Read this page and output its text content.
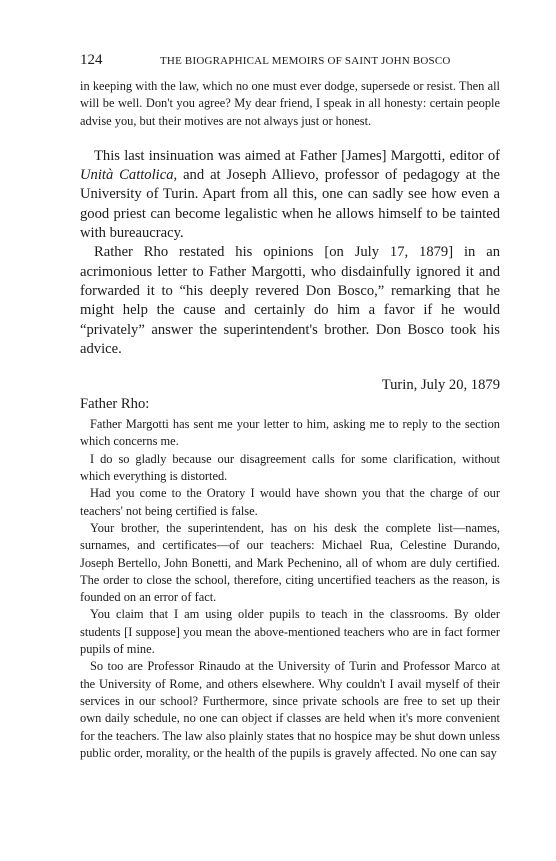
124	THE BIOGRAPHICAL MEMOIRS OF SAINT JOHN BOSCO

in keeping with the law, which no one must ever dodge, supersede or resist. Then all will be well. Don't you agree? My dear friend, I speak in all honesty: certain people advise you, but their motives are not always just or honest.

This last insinuation was aimed at Father [James] Margotti, editor of Unità Cattolica, and at Joseph Allievo, professor of pedagogy at the University of Turin. Apart from all this, one can sadly see how even a good priest can become legalistic when he allows himself to be tainted with bureaucracy.

Rather Rho restated his opinions [on July 17, 1879] in an acrimonious letter to Father Margotti, who disdainfully ignored it and forwarded it to “his deeply revered Don Bosco,” remarking that he might help the cause and certainly do him a favor if he would “privately” answer the superintendent's brother. Don Bosco took his advice.

Turin, July 20, 1879
Father Rho:

Father Margotti has sent me your letter to him, asking me to reply to the section which concerns me.

I do so gladly because our disagreement calls for some clarification, without which everything is distorted.

Had you come to the Oratory I would have shown you that the charge of our teachers' not being certified is false.

Your brother, the superintendent, has on his desk the complete list—names, surnames, and certificates—of our teachers: Michael Rua, Celestine Durando, Joseph Bertello, John Bonetti, and Mark Pechenino, all of whom are duly certified. The order to close the school, therefore, citing uncertified teachers as the reason, is founded on an error of fact.

You claim that I am using older pupils to teach in the classrooms. By older students [I suppose] you mean the above-mentioned teachers who are in fact former pupils of mine.

So too are Professor Rinaudo at the University of Turin and Professor Marco at the University of Rome, and others elsewhere. Why couldn't I avail myself of their services in our school? Furthermore, since private schools are free to set up their own daily schedule, no one can object if classes are held when it's more convenient for the teachers. The law also plainly states that no hospice may be shut down unless public order, morality, or the health of the pupils is gravely affected. No one can say
